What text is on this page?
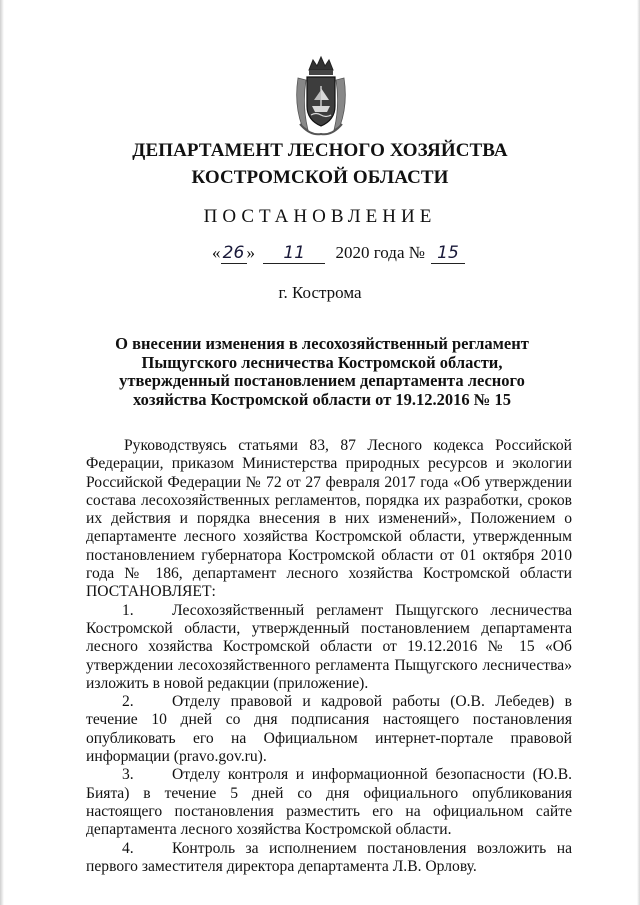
ДЕПАРТАМЕНТ ЛЕСНОГО ХОЗЯЙСТВА
КОСТРОМСКОЙ ОБЛАСТИ
ПОСТАНОВЛЕНИЕ
« 26 » 11 2020 года № 15
г. Кострома
О внесении изменения в лесохозяйственный регламент Пыщугского лесничества Костромской области, утвержденный постановлением департамента лесного хозяйства Костромской области от 19.12.2016 № 15

Руководствуясь статьями 83, 87 Лесного кодекса Российской Федерации, приказом Министерства природных ресурсов и экологии Российской Федерации № 72 от 27 февраля 2017 года «Об утверждении состава лесохозяйственных регламентов, порядка их разработки, сроков их действия и порядка внесения в них изменений», Положением о департаменте лесного хозяйства Костромской области, утвержденным постановлением губернатора Костромской области от 01 октября 2010 года № 186, департамент лесного хозяйства Костромской области ПОСТАНОВЛЯЕТ:

1. Лесохозяйственный регламент Пыщугского лесничества Костромской области, утвержденный постановлением департамента лесного хозяйства Костромской области от 19.12.2016 № 15 «Об утверждении лесохозяйственного регламента Пыщугского лесничества» изложить в новой редакции (приложение).

2. Отделу правовой и кадровой работы (О.В. Лебедев) в течение 10 дней со дня подписания настоящего постановления опубликовать его на Официальном интернет-портале правовой информации (pravo.gov.ru).

3. Отделу контроля и информационной безопасности (Ю.В. Биятa) в течение 5 дней со дня официального опубликования настоящего постановления разместить его на официальном сайте департамента лесного хозяйства Костромской области.

4. Контроль за исполнением постановления возложить на первого заместителя директора департамента Л.В. Орлову.
